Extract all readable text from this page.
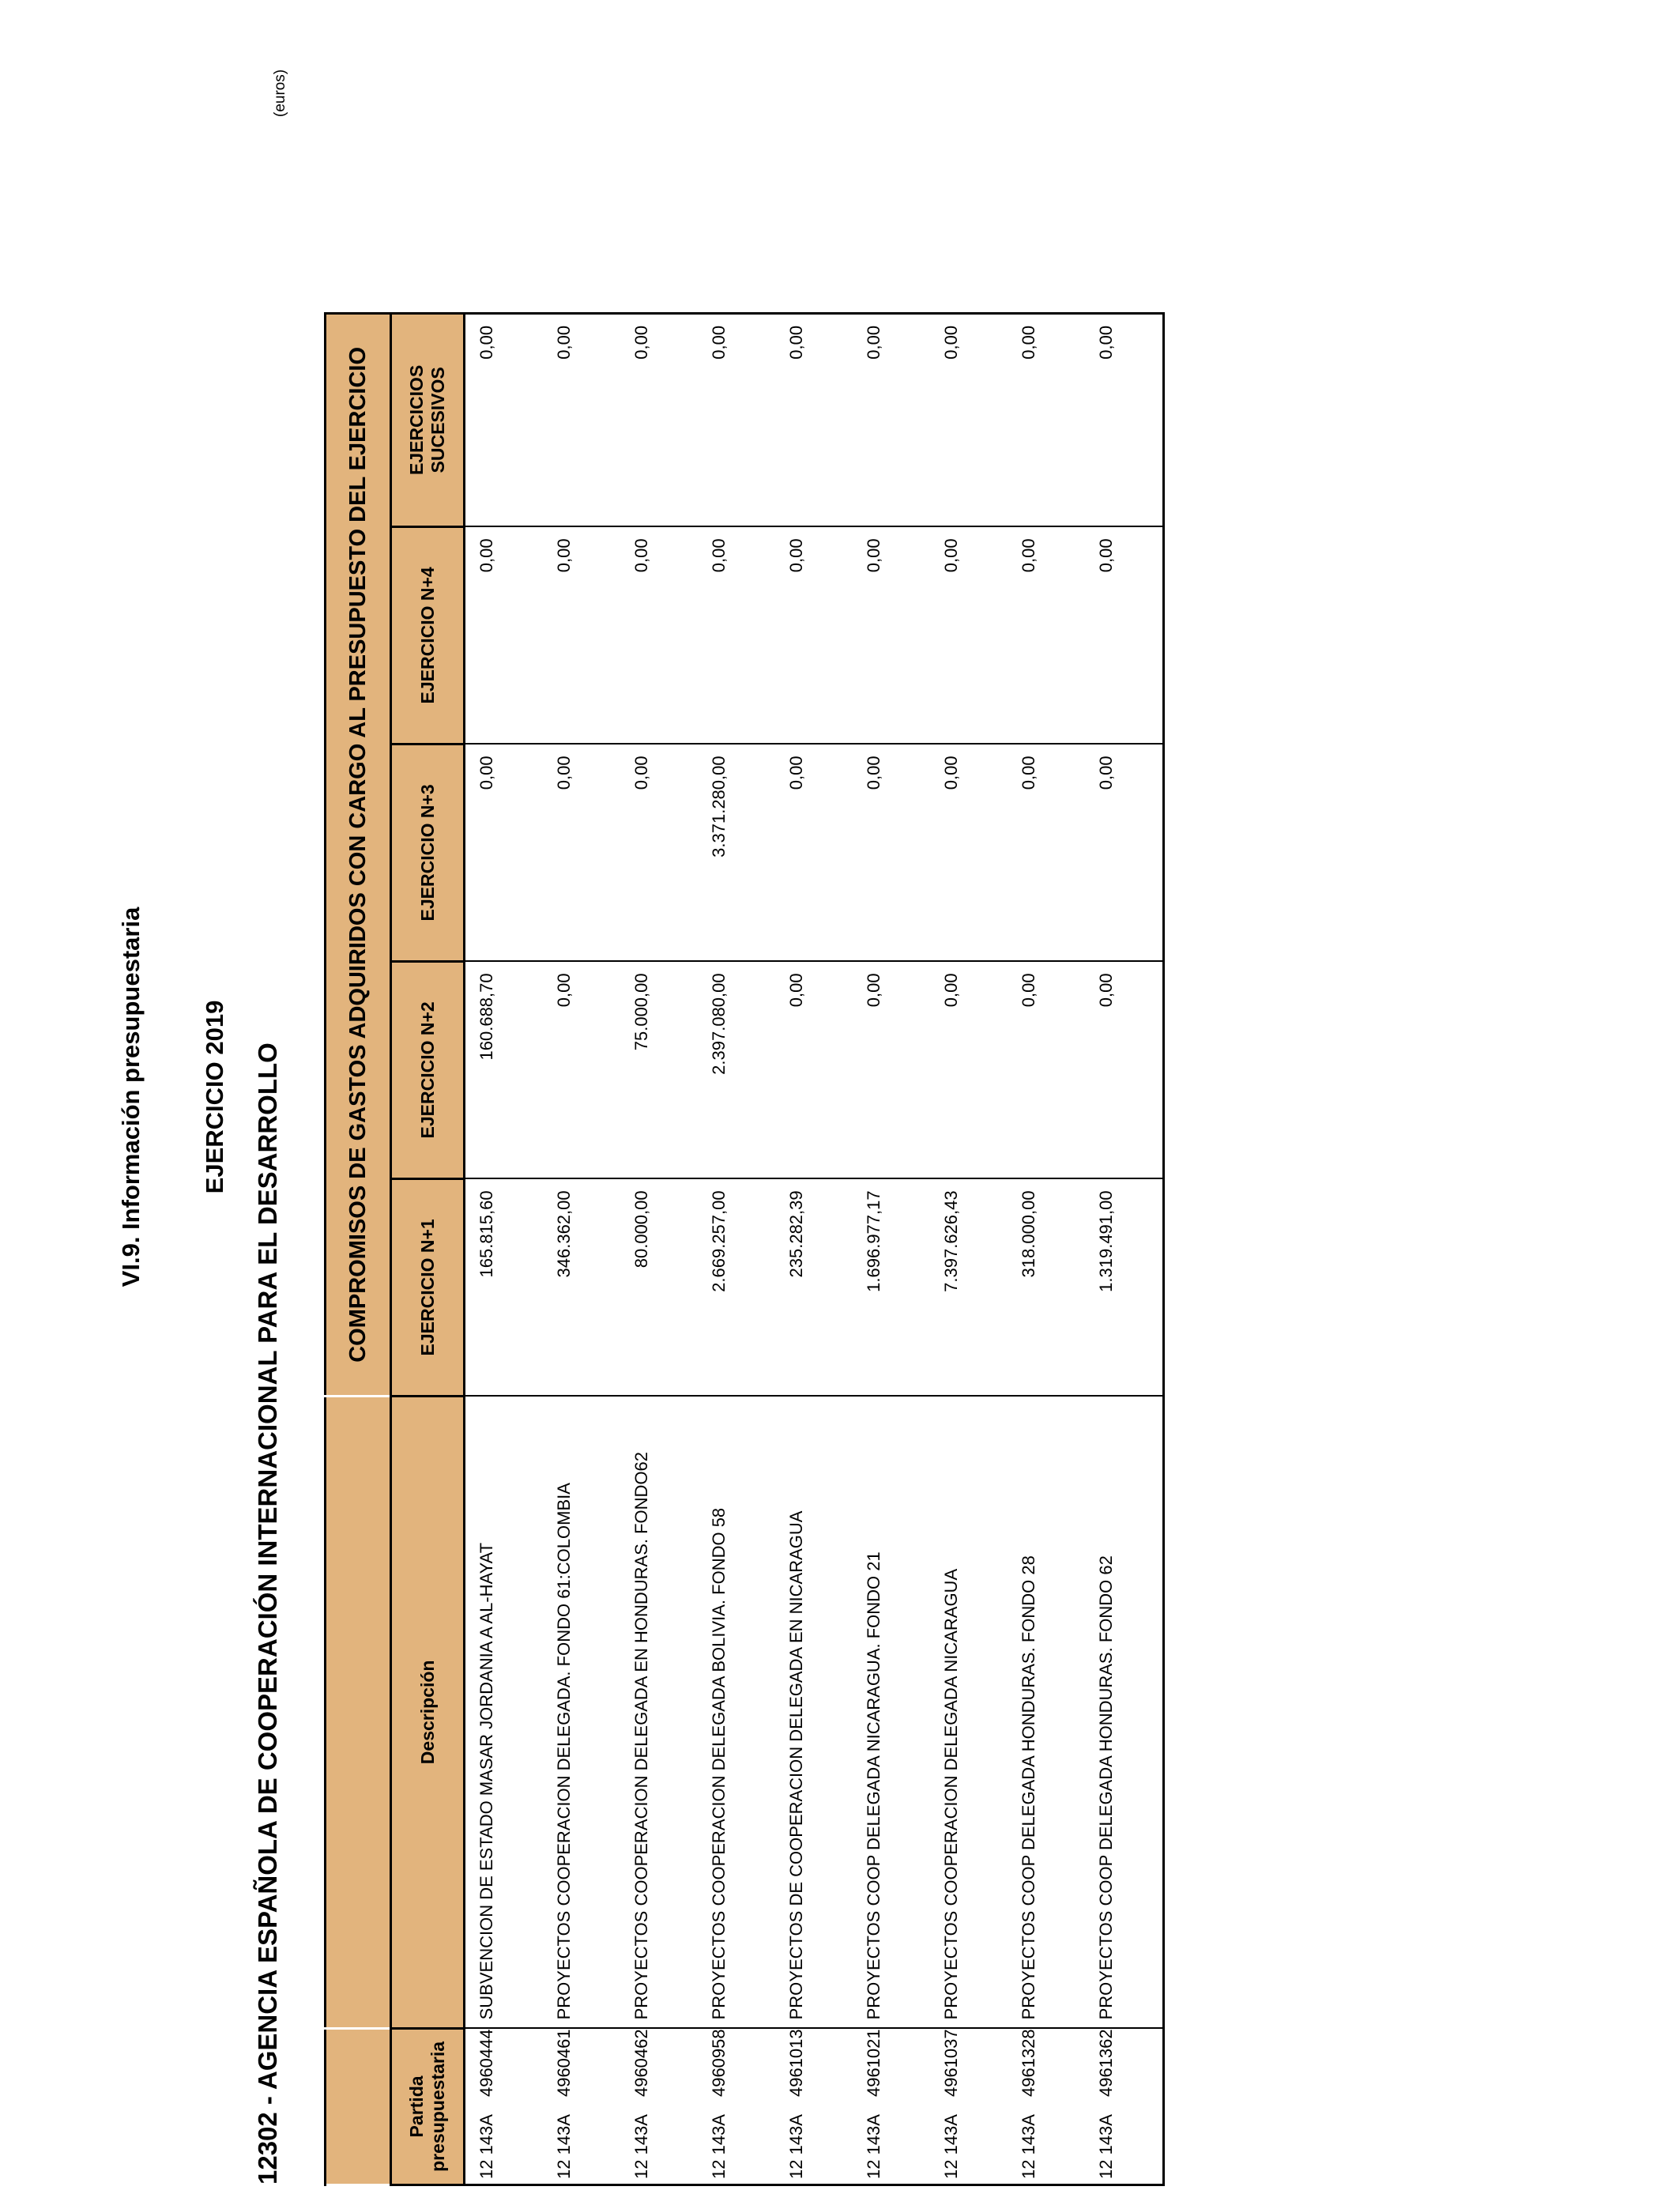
VI.9. Información presupuestaria EJERCICIO 2019 12302 - AGENCIA ESPAÑOLA DE COOPERACIÓN INTERNACIONAL PARA EL DESARROLLO
(euros)
		COMPROMISOS DE GASTOS ADQUIRIDOS CON CARGO AL PRESUPUESTO DEL EJERCICIO				
Partida presupuestaria	Descripción	EJERCICIO N+1	EJERCICIO N+2	EJERCICIO N+3	EJERCICIO N+4	EJERCICIOS SUCESIVOS
12 143A4960444	SUBVENCION DE ESTADO MASAR JORDANIA A AL-HAYAT	165.815,60	160.688,70	0,00	0,00	0,00
12 143A4960461	PROYECTOS COOPERACION DELEGADA. FONDO 61:COLOMBIA	346.362,00	0,00	0,00	0,00	0,00
12 143A4960462	PROYECTOS COOPERACION DELEGADA EN HONDURAS. FONDO62	80.000,00	75.000,00	0,00	0,00	0,00
12 143A4960958	PROYECTOS COOPERACION DELEGADA BOLIVIA. FONDO 58	2.669.257,00	2.397.080,00	3.371.280,00	0,00	0,00
12 143A4961013	PROYECTOS DE COOPERACION DELEGADA EN NICARAGUA	235.282,39	0,00	0,00	0,00	0,00
12 143A4961021	PROYECTOS COOP DELEGADA NICARAGUA. FONDO 21	1.696.977,17	0,00	0,00	0,00	0,00
12 143A4961037	PROYECTOS COOPERACION DELEGADA NICARAGUA	7.397.626,43	0,00	0,00	0,00	0,00
12 143A4961328	PROYECTOS COOP DELEGADA HONDURAS. FONDO 28	318.000,00	0,00	0,00	0,00	0,00
12 143A4961362	PROYECTOS COOP DELEGADA HONDURAS. FONDO 62	1.319.491,00	0,00	0,00	0,00	0,00
